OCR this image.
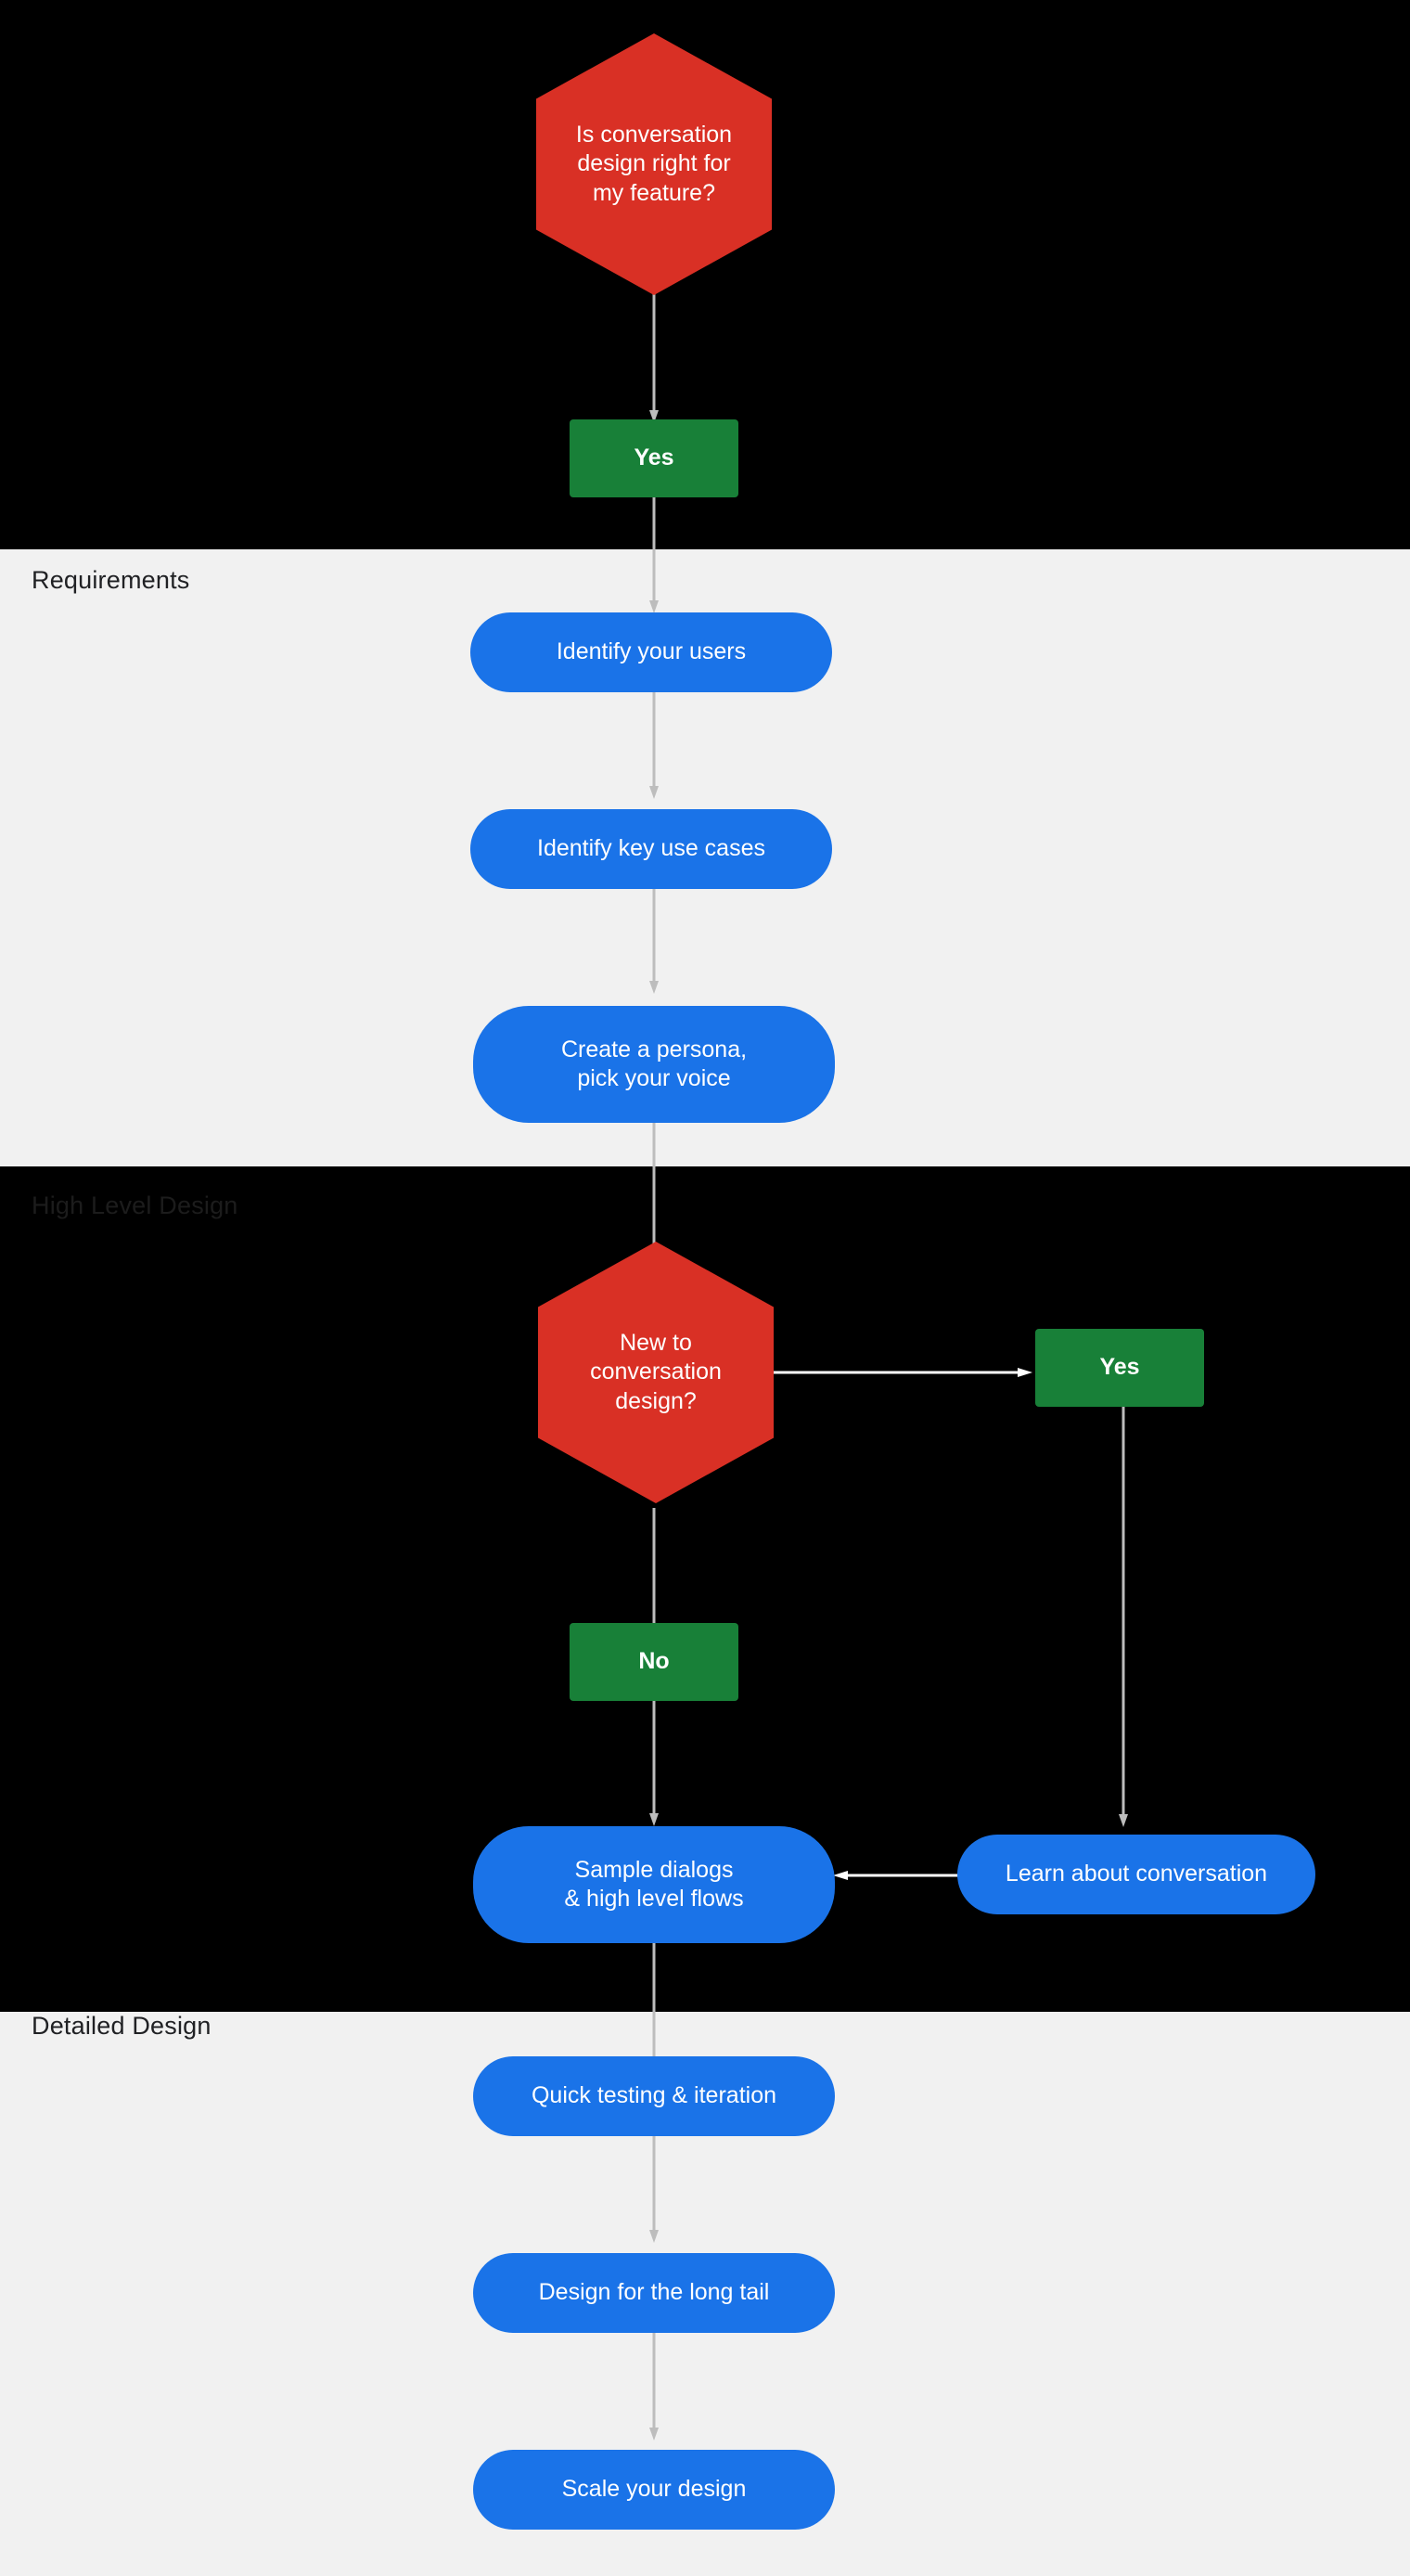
Requirements
High Level Design
Detailed Design
Is conversation design right for my feature?
Yes
Identify your users
Identify key use cases
Create a persona,
pick your voice
New to conversation design?
Yes
No
Sample dialogs
& high level flows
Learn about conversation
Quick testing & iteration
Design for the long tail
Scale your design
